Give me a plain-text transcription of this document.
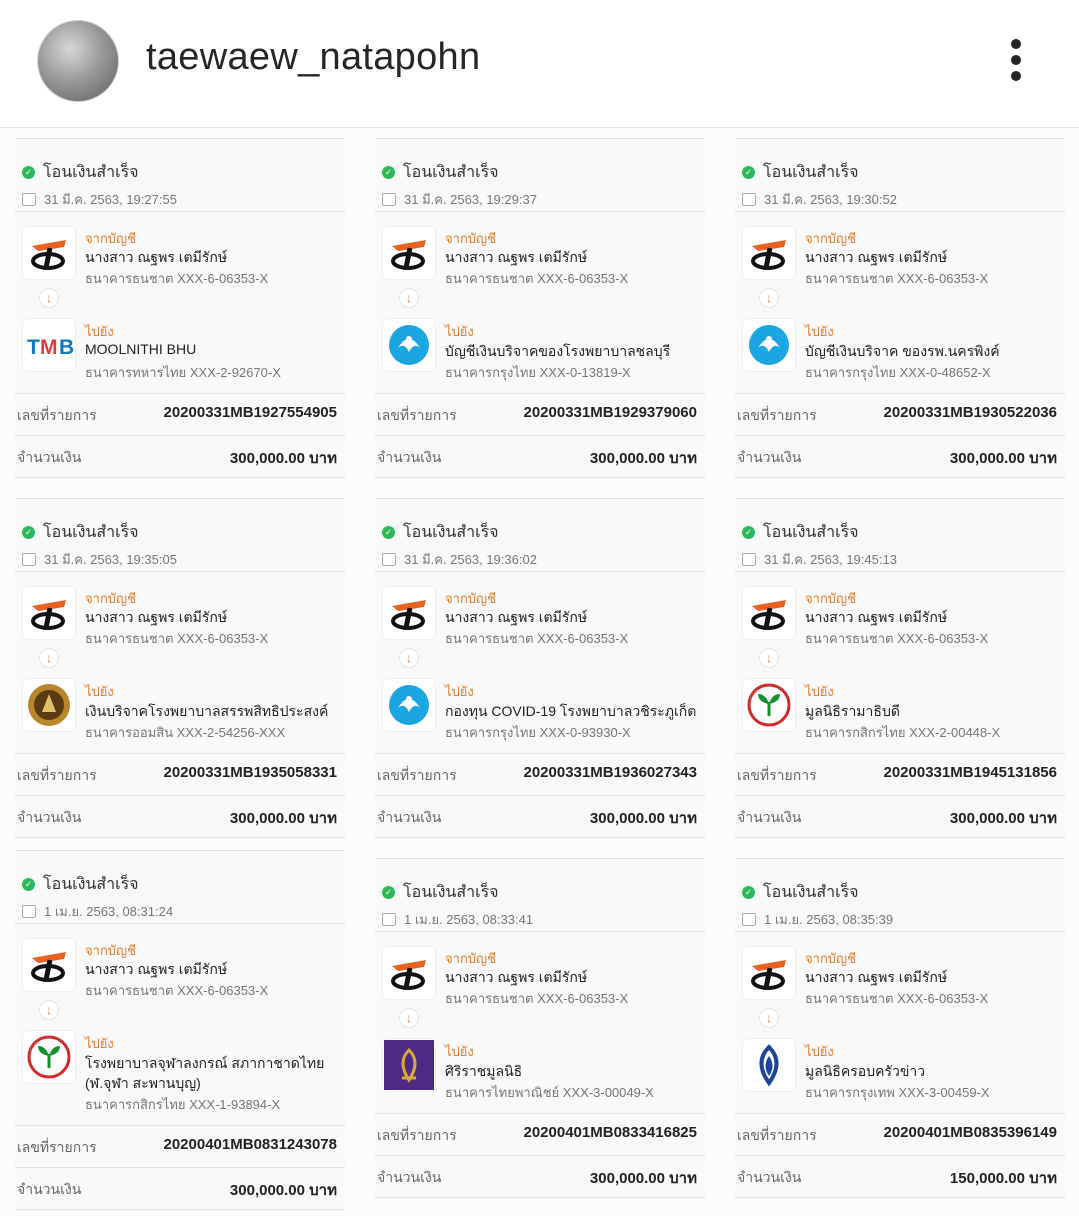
taewaew_natapohn
✓ โอนเงินสำเร็จ
31 มี.ค. 2563, 19:27:55
จากบัญชี
นางสาว ณฐพร เตมีรักษ์
ธนาคารธนชาต XXX-6-06353-X
↓
T M B
ไปยัง
MOOLNITHI BHU
ธนาคารทหารไทย XXX-2-92670-X
เลขที่รายการ	20200331MB1927554905
จำนวนเงิน	300,000.00 บาท
✓ โอนเงินสำเร็จ
31 มี.ค. 2563, 19:29:37
จากบัญชี
นางสาว ณฐพร เตมีรักษ์
ธนาคารธนชาต XXX-6-06353-X
↓
ไปยัง
บัญชีเงินบริจาคของโรงพยาบาลชลบุรี
ธนาคารกรุงไทย XXX-0-13819-X
เลขที่รายการ	20200331MB1929379060
จำนวนเงิน	300,000.00 บาท
✓ โอนเงินสำเร็จ
31 มี.ค. 2563, 19:30:52
จากบัญชี
นางสาว ณฐพร เตมีรักษ์
ธนาคารธนชาต XXX-6-06353-X
↓
ไปยัง
บัญชีเงินบริจาค ของรพ.นครพิงค์
ธนาคารกรุงไทย XXX-0-48652-X
เลขที่รายการ	20200331MB1930522036
จำนวนเงิน	300,000.00 บาท
✓ โอนเงินสำเร็จ
31 มี.ค. 2563, 19:35:05
จากบัญชี
นางสาว ณฐพร เตมีรักษ์
ธนาคารธนชาต XXX-6-06353-X
↓
ไปยัง
เงินบริจาคโรงพยาบาลสรรพสิทธิประสงค์
ธนาคารออมสิน XXX-2-54256-XXX
เลขที่รายการ	20200331MB1935058331
จำนวนเงิน	300,000.00 บาท
✓ โอนเงินสำเร็จ
31 มี.ค. 2563, 19:36:02
จากบัญชี
นางสาว ณฐพร เตมีรักษ์
ธนาคารธนชาต XXX-6-06353-X
↓
ไปยัง
กองทุน COVID-19 โรงพยาบาลวชิระภูเก็ต
ธนาคารกรุงไทย XXX-0-93930-X
เลขที่รายการ	20200331MB1936027343
จำนวนเงิน	300,000.00 บาท
✓ โอนเงินสำเร็จ
31 มี.ค. 2563, 19:45:13
จากบัญชี
นางสาว ณฐพร เตมีรักษ์
ธนาคารธนชาต XXX-6-06353-X
↓
ไปยัง
มูลนิธิรามาธิบดี
ธนาคารกสิกรไทย XXX-2-00448-X
เลขที่รายการ	20200331MB1945131856
จำนวนเงิน	300,000.00 บาท
✓ โอนเงินสำเร็จ
1 เม.ย. 2563, 08:31:24
จากบัญชี
นางสาว ณฐพร เตมีรักษ์
ธนาคารธนชาต XXX-6-06353-X
↓
ไปยัง
โรงพยาบาลจุฬาลงกรณ์ สภากาชาดไทย
(ฬ.จุฬา สะพานบุญ)
ธนาคารกสิกรไทย XXX-1-93894-X
เลขที่รายการ	20200401MB0831243078
จำนวนเงิน	300,000.00 บาท
✓ โอนเงินสำเร็จ
1 เม.ย. 2563, 08:33:41
จากบัญชี
นางสาว ณฐพร เตมีรักษ์
ธนาคารธนชาต XXX-6-06353-X
↓
ไปยัง
ศิริราชมูลนิธิ
ธนาคารไทยพาณิชย์ XXX-3-00049-X
เลขที่รายการ	20200401MB0833416825
จำนวนเงิน	300,000.00 บาท
✓ โอนเงินสำเร็จ
1 เม.ย. 2563, 08:35:39
จากบัญชี
นางสาว ณฐพร เตมีรักษ์
ธนาคารธนชาต XXX-6-06353-X
↓
ไปยัง
มูลนิธิครอบครัวข่าว
ธนาคารกรุงเทพ XXX-3-00459-X
เลขที่รายการ	20200401MB0835396149
จำนวนเงิน	150,000.00 บาท
